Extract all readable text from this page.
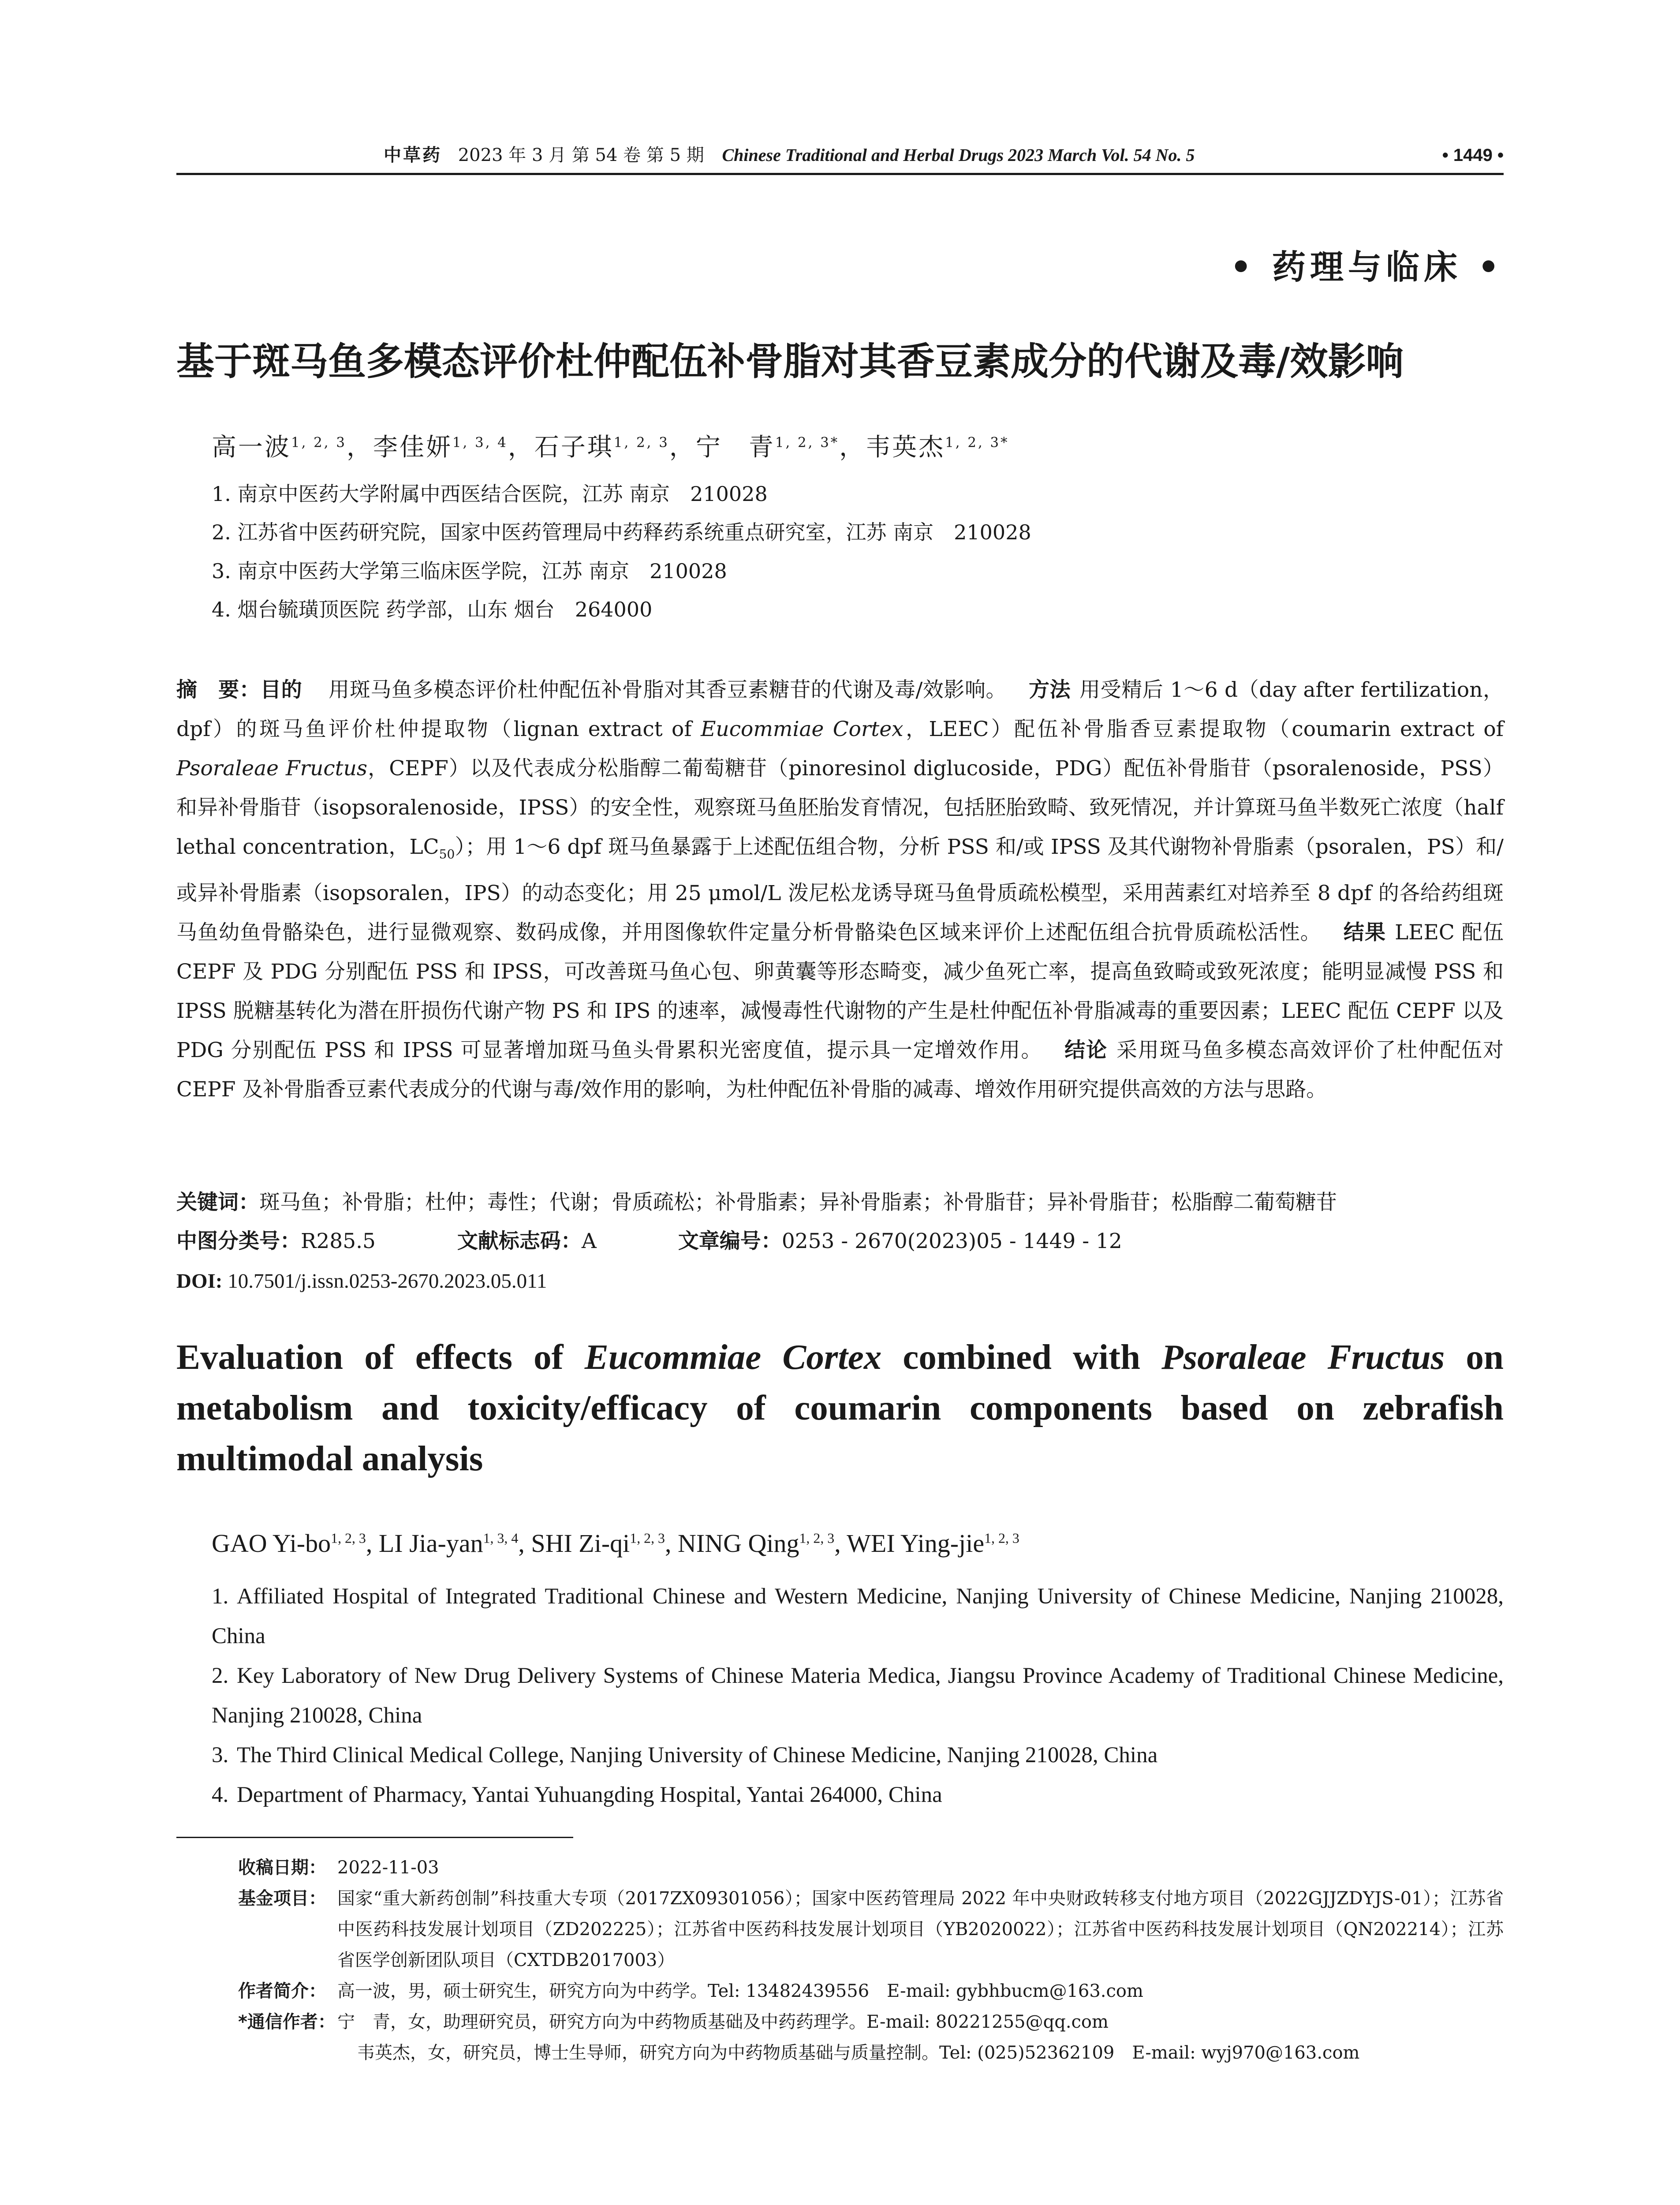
中草药 2023 年 3 月 第 54 卷 第 5 期 Chinese Traditional and Herbal Drugs 2023 March Vol. 54 No. 5	• 1449 •
• 药理与临床 •
基于斑马鱼多模态评价杜仲配伍补骨脂对其香豆素成分的代谢及毒/效影响
高一波$^{1, 2, 3}$，李佳妍$^{1, 3, 4}$，石子琪$^{1, 2, 3}$，宁　青$^{1, 2, 3*}$，韦英杰$^{1, 2, 3*}$
1. 南京中医药大学附属中西医结合医院，江苏 南京　210028
2. 江苏省中医药研究院，国家中医药管理局中药释药系统重点研究室，江苏 南京　210028
3. 南京中医药大学第三临床医学院，江苏 南京　210028
4. 烟台毓璜顶医院 药学部，山东 烟台　264000
摘　要：目的 用斑马鱼多模态评价杜仲配伍补骨脂对其香豆素糖苷的代谢及毒/效影响。 方法 用受精后 1～6 d（day after fertilization，dpf）的斑马鱼评价杜仲提取物（lignan extract of Eucommiae Cortex，LEEC）配伍补骨脂香豆素提取物（coumarin extract of Psoraleae Fructus，CEPF）以及代表成分松脂醇二葡萄糖苷（pinoresinol diglucoside，PDG）配伍补骨脂苷（psoralenoside，PSS）和异补骨脂苷（isopsoralenoside，IPSS）的安全性，观察斑马鱼胚胎发育情况，包括胚胎致畸、致死情况，并计算斑马鱼半数死亡浓度（half lethal concentration，$LC_{50}$）；用 1～6 dpf 斑马鱼暴露于上述配伍组合物，分析 PSS 和/或 IPSS 及其代谢物补骨脂素（psoralen，PS）和/或异补骨脂素（isopsoralen，IPS）的动态变化；用 25 μmol/L 泼尼松龙诱导斑马鱼骨质疏松模型，采用茜素红对培养至 8 dpf 的各给药组斑马鱼幼鱼骨骼染色，进行显微观察、数码成像，并用图像软件定量分析骨骼染色区域来评价上述配伍组合抗骨质疏松活性。 结果 LEEC 配伍 CEPF 及 PDG 分别配伍 PSS 和 IPSS，可改善斑马鱼心包、卵黄囊等形态畸变，减少鱼死亡率，提高鱼致畸或致死浓度；能明显减慢 PSS 和 IPSS 脱糖基转化为潜在肝损伤代谢产物 PS 和 IPS 的速率，减慢毒性代谢物的产生是杜仲配伍补骨脂减毒的重要因素；LEEC 配伍 CEPF 以及 PDG 分别配伍 PSS 和 IPSS 可显著增加斑马鱼头骨累积光密度值，提示具一定增效作用。 结论 采用斑马鱼多模态高效评价了杜仲配伍对 CEPF 及补骨脂香豆素代表成分的代谢与毒/效作用的影响，为杜仲配伍补骨脂的减毒、增效作用研究提供高效的方法与思路。
关键词：斑马鱼；补骨脂；杜仲；毒性；代谢；骨质疏松；补骨脂素；异补骨脂素；补骨脂苷；异补骨脂苷；松脂醇二葡萄糖苷
中图分类号：R285.5	文献标志码：A	文章编号：0253 - 2670(2023)05 - 1449 - 12
DOI: 10.7501/j.issn.0253-2670.2023.05.011
Evaluation of effects of Eucommiae Cortex combined with Psoraleae Fructus on metabolism and toxicity/efficacy of coumarin components based on zebrafish multimodal analysis
GAO Yi-bo$^{1, 2, 3}$, LI Jia-yan$^{1, 3, 4}$, SHI Zi-qi$^{1, 2, 3}$, NING Qing$^{1, 2, 3}$, WEI Ying-jie$^{1, 2, 3}$
1. Affiliated Hospital of Integrated Traditional Chinese and Western Medicine, Nanjing University of Chinese Medicine, Nanjing 210028, China
2. Key Laboratory of New Drug Delivery Systems of Chinese Materia Medica, Jiangsu Province Academy of Traditional Chinese Medicine, Nanjing 210028, China
3. The Third Clinical Medical College, Nanjing University of Chinese Medicine, Nanjing 210028, China
4. Department of Pharmacy, Yantai Yuhuangding Hospital, Yantai 264000, China
收稿日期： 2022-11-03
基金项目： 国家“重大新药创制”科技重大专项（2017ZX09301056）；国家中医药管理局 2022 年中央财政转移支付地方项目（2022GJJZDYJS-01）；江苏省中医药科技发展计划项目（ZD202225）；江苏省中医药科技发展计划项目（YB2020022）；江苏省中医药科技发展计划项目（QN202214）；江苏省医学创新团队项目（CXTDB2017003）
作者简介： 高一波，男，硕士研究生，研究方向为中药学。Tel: 13482439556　E-mail: gybhbucm@163.com
*通信作者： 宁　青，女，助理研究员，研究方向为中药物质基础及中药药理学。E-mail: 80221255@qq.com
韦英杰，女，研究员，博士生导师，研究方向为中药物质基础与质量控制。Tel: (025)52362109　E-mail: wyj970@163.com
